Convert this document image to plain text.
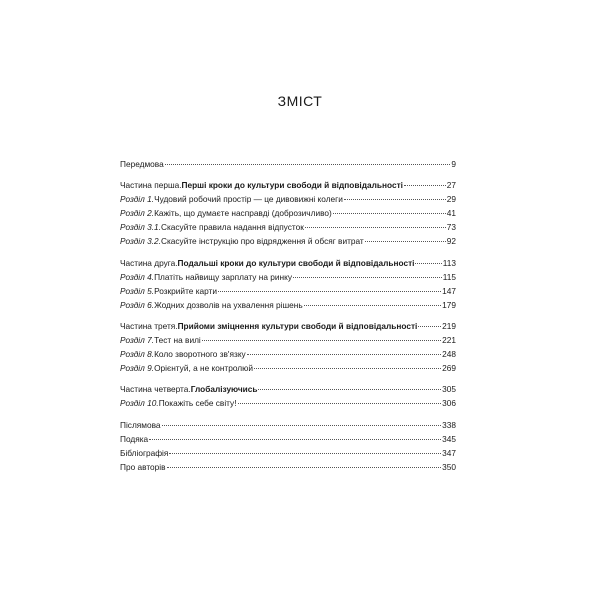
ЗМІСТ
Передмова	9
Частина перша. Перші кроки до культури свободи й відповідальності	27
Розділ 1. Чудовий робочий простір — це дивовижні колеги	29
Розділ 2. Кажіть, що думаєте насправді (доброзичливо)	41
Розділ 3.1. Скасуйте правила надання відпусток	73
Розділ 3.2. Скасуйте інструкцію про відрядження й обсяг витрат	92
Частина друга. Подальші кроки до культури свободи й відповідальності	113
Розділ 4. Платіть найвищу зарплату на ринку	115
Розділ 5. Розкрийте карти	147
Розділ 6. Жодних дозволів на ухвалення рішень	179
Частина третя. Прийоми зміцнення культури свободи й відповідальності	219
Розділ 7. Тест на вилі	221
Розділ 8. Коло зворотного зв'язку	248
Розділ 9. Орієнтуй, а не контролюй	269
Частина четверта. Глобалізуючись	305
Розділ 10. Покажіть себе світу!	306
Післямова	338
Подяка	345
Бібліографія	347
Про авторів	350
